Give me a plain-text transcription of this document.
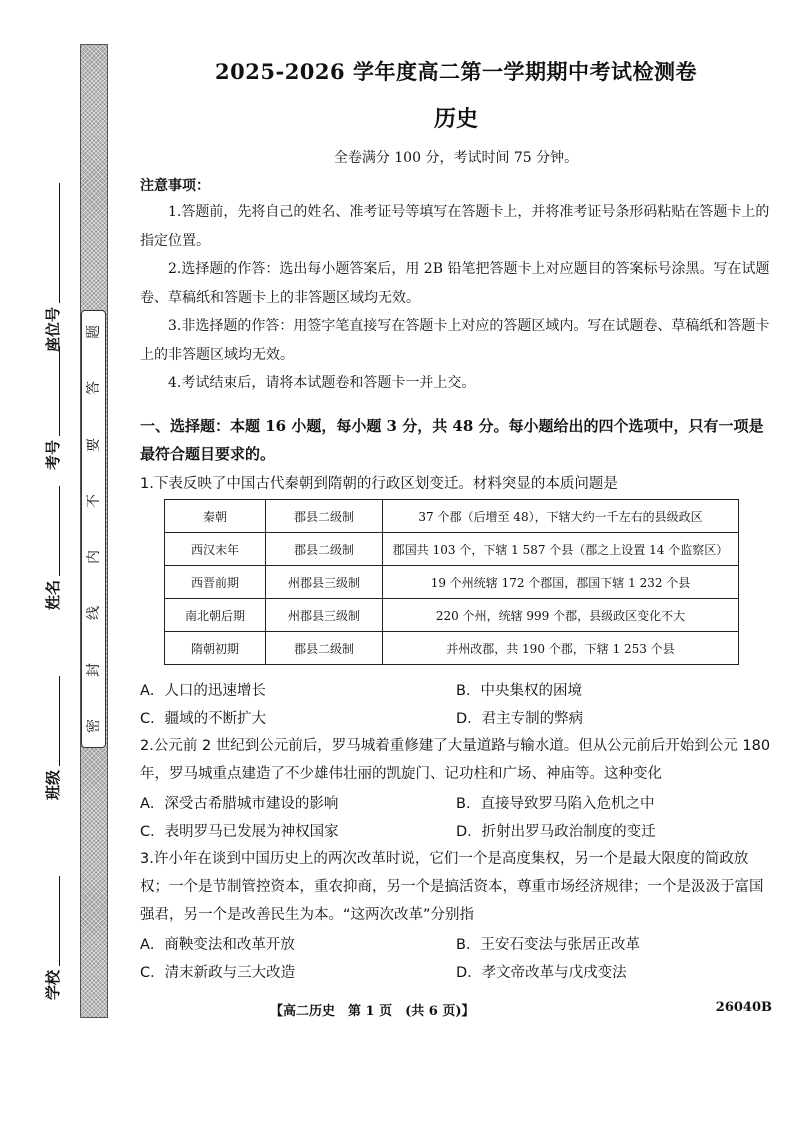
题
答
要
不
内
线
封
密
学校
班级
姓名
考号
座位号
2025-2026 学年度高二第一学期期中考试检测卷
历史
全卷满分 100 分，考试时间 75 分钟。
注意事项：

1.答题前，先将自己的姓名、准考证号等填写在答题卡上，并将准考证号条形码粘贴在答题卡上的指定位置。

2.选择题的作答：选出每小题答案后，用 2B 铅笔把答题卡上对应题目的答案标号涂黑。写在试题卷、草稿纸和答题卡上的非答题区域均无效。

3.非选择题的作答：用签字笔直接写在答题卡上对应的答题区域内。写在试题卷、草稿纸和答题卡上的非答题区域均无效。

4.考试结束后，请将本试题卷和答题卡一并上交。

一、选择题：本题 16 小题，每小题 3 分，共 48 分。每小题给出的四个选项中，只有一项是最符合题目要求的。
1.下表反映了中国古代秦朝到隋朝的行政区划变迁。材料突显的本质问题是
秦朝	郡县二级制	37 个郡（后增至 48），下辖大约一千左右的县级政区
西汉末年	郡县二级制	郡国共 103 个，下辖 1 587 个县（郡之上设置 14 个监察区）
西晋前期	州郡县三级制	19 个州统辖 172 个郡国，郡国下辖 1 232 个县
南北朝后期	州郡县三级制	220 个州，统辖 999 个郡，县级政区变化不大
隋朝初期	郡县二级制	并州改郡，共 190 个郡，下辖 1 253 个县
A．人口的迅速增长	B．中央集权的困境
C．疆域的不断扩大	D．君主专制的弊病
2.公元前 2 世纪到公元前后，罗马城着重修建了大量道路与输水道。但从公元前后开始到公元 180 年，罗马城重点建造了不少雄伟壮丽的凯旋门、记功柱和广场、神庙等。这种变化
A．深受古希腊城市建设的影响	B．直接导致罗马陷入危机之中
C．表明罗马已发展为神权国家	D．折射出罗马政治制度的变迁
3.许小年在谈到中国历史上的两次改革时说，它们一个是高度集权，另一个是最大限度的简政放权；一个是节制管控资本，重农抑商，另一个是搞活资本，尊重市场经济规律；一个是汲汲于富国强君，另一个是改善民生为本。“这两次改革”分别指
A．商鞅变法和改革开放	B．王安石变法与张居正改革
C．清末新政与三大改造	D．孝文帝改革与戊戌变法
【高二历史　第 1 页　(共 6 页)】	26040B
